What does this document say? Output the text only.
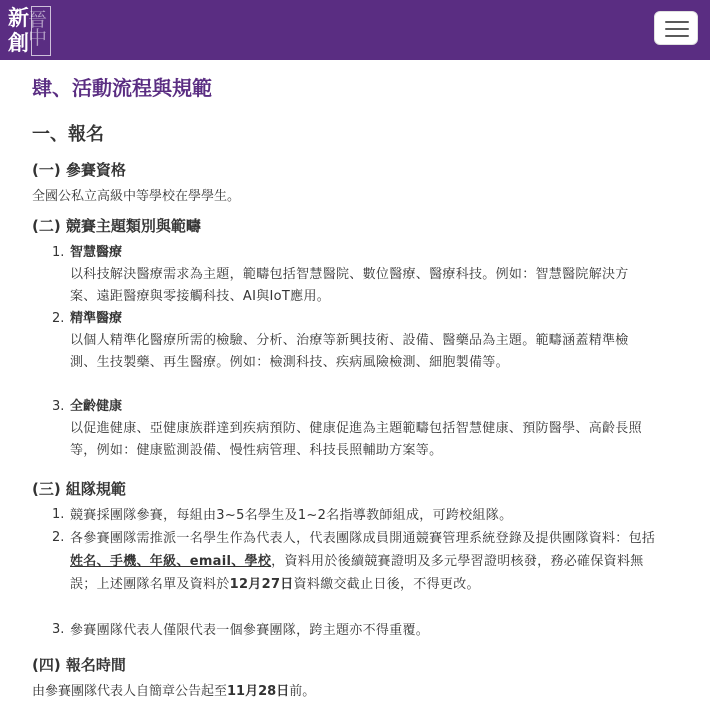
新
創
晉
中
肆、活動流程與規範
一、報名
(一) 參賽資格
全國公私立高級中等學校在學學生。
(二) 競賽主題類別與範疇
1. 智慧醫療
以科技解決醫療需求為主題，範疇包括智慧醫院、數位醫療、醫療科技。例如：智慧醫院解決方案、遠距醫療與零接觸科技、AI與IoT應用。
2. 精準醫療
以個人精準化醫療所需的檢驗、分析、治療等新興技術、設備、醫藥品為主題。範疇涵蓋精準檢測、生技製藥、再生醫療。例如：檢測科技、疾病風險檢測、細胞製備等。
3. 全齡健康
以促進健康、亞健康族群達到疾病預防、健康促進為主題範疇包括智慧健康、預防醫學、高齡長照等，例如：健康監測設備、慢性病管理、科技長照輔助方案等。
(三) 組隊規範
1. 競賽採團隊參賽，每組由3~5名學生及1~2名指導教師組成，可跨校組隊。
2. 各參賽團隊需推派一名學生作為代表人，代表團隊成員開通競賽管理系統登錄及提供團隊資料：包括姓名、手機、年級、email、學校，資料用於後續競賽證明及多元學習證明核發，務必確保資料無誤；上述團隊名單及資料於12月27日資料繳交截止日後，不得更改。
3. 參賽團隊代表人僅限代表一個參賽團隊，跨主題亦不得重覆。
(四) 報名時間
由參賽團隊代表人自簡章公告起至11月28日前。
